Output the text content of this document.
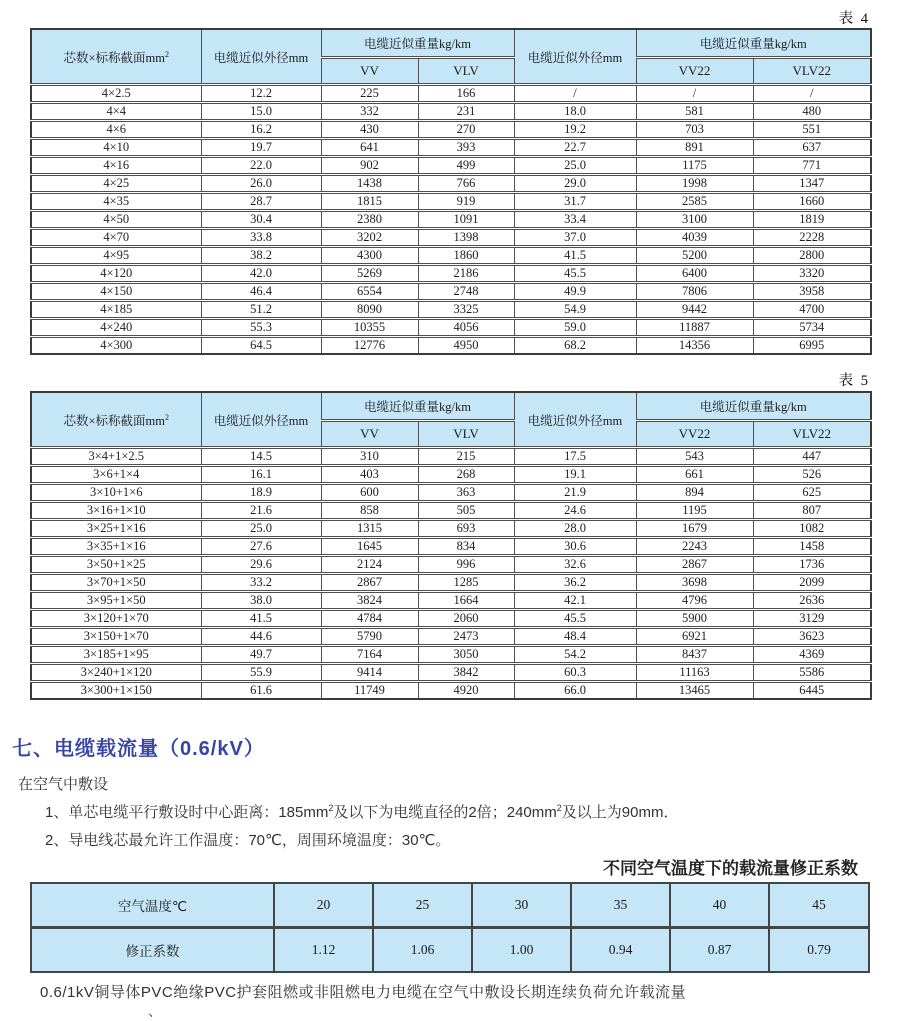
表 4
芯数×标称截面$mm^2$	电缆近似外径mm	电缆近似重量kg/km		电缆近似外径mm	电缆近似重量kg/km	
		VV	VLV		VV22	VLV22
4×2.5	12.2	225	166	/	/	/
4×4	15.0	332	231	18.0	581	480
4×6	16.2	430	270	19.2	703	551
4×10	19.7	641	393	22.7	891	637
4×16	22.0	902	499	25.0	1175	771
4×25	26.0	1438	766	29.0	1998	1347
4×35	28.7	1815	919	31.7	2585	1660
4×50	30.4	2380	1091	33.4	3100	1819
4×70	33.8	3202	1398	37.0	4039	2228
4×95	38.2	4300	1860	41.5	5200	2800
4×120	42.0	5269	2186	45.5	6400	3320
4×150	46.4	6554	2748	49.9	7806	3958
4×185	51.2	8090	3325	54.9	9442	4700
4×240	55.3	10355	4056	59.0	11887	5734
4×300	64.5	12776	4950	68.2	14356	6995
表 5
芯数×标称截面$mm^2$	电缆近似外径mm	电缆近似重量kg/km		电缆近似外径mm	电缆近似重量kg/km	
		VV	VLV		VV22	VLV22
3×4+1×2.5	14.5	310	215	17.5	543	447
3×6+1×4	16.1	403	268	19.1	661	526
3×10+1×6	18.9	600	363	21.9	894	625
3×16+1×10	21.6	858	505	24.6	1195	807
3×25+1×16	25.0	1315	693	28.0	1679	1082
3×35+1×16	27.6	1645	834	30.6	2243	1458
3×50+1×25	29.6	2124	996	32.6	2867	1736
3×70+1×50	33.2	2867	1285	36.2	3698	2099
3×95+1×50	38.0	3824	1664	42.1	4796	2636
3×120+1×70	41.5	4784	2060	45.5	5900	3129
3×150+1×70	44.6	5790	2473	48.4	6921	3623
3×185+1×95	49.7	7164	3050	54.2	8437	4369
3×240+1×120	55.9	9414	3842	60.3	11163	5586
3×300+1×150	61.6	11749	4920	66.0	13465	6445
七、电缆载流量（0.6/kV）
在空气中敷设
1、单芯电缆平行敷设时中心距离：$185mm^2$及以下为电缆直径的2倍；$240mm^2$及以上为90mm．
2、导电线芯最允许工作温度：70℃，周围环境温度：30℃。
不同空气温度下的载流量修正系数
空气温度℃	20	25	30	35	40	45
修正系数	1.12	1.06	1.00	0.94	0.87	0.79
0.6/1kV铜导体PVC绝缘PVC护套阻燃或非阻燃电力电缆在空气中敷设长期连续负荷允许载流量
、
